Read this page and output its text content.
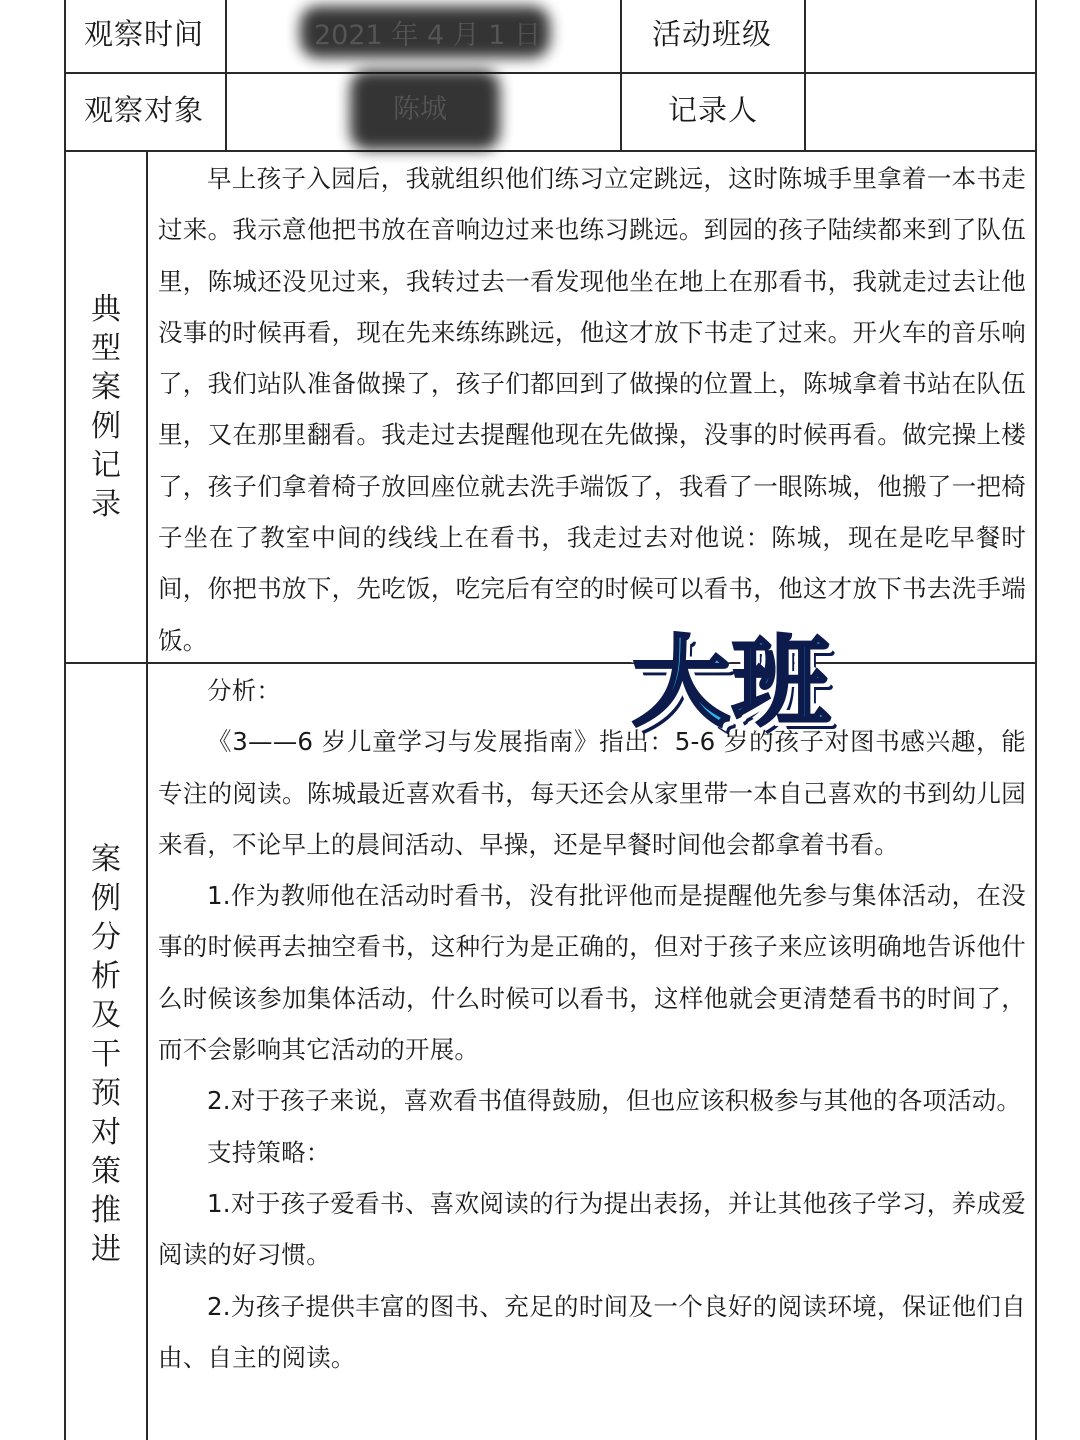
观察时间	2021 年 4 月 1 日	活动班级
观察对象	陈城	记录人
典型案例记录

早上孩子入园后，我就组织他们练习立定跳远，这时陈城手里拿着一本书走过来。我示意他把书放在音响边过来也练习跳远。到园的孩子陆续都来到了队伍里，陈城还没见过来，我转过去一看发现他坐在地上在那看书，我就走过去让他没事的时候再看，现在先来练练跳远，他这才放下书走了过来。开火车的音乐响了，我们站队准备做操了，孩子们都回到了做操的位置上，陈城拿着书站在队伍里，又在那里翻看。我走过去提醒他现在先做操，没事的时候再看。做完操上楼了，孩子们拿着椅子放回座位就去洗手端饭了，我看了一眼陈城，他搬了一把椅子坐在了教室中间的线线上在看书，我走过去对他说：陈城，现在是吃早餐时间，你把书放下，先吃饭，吃完后有空的时候可以看书，他这才放下书去洗手端饭。

案例分析及干预对策推进

分析：

《3——6 岁儿童学习与发展指南》指出：5-6 岁的孩子对图书感兴趣，能专注的阅读。陈城最近喜欢看书，每天还会从家里带一本自己喜欢的书到幼儿园来看，不论早上的晨间活动、早操，还是早餐时间他会都拿着书看。

1.作为教师他在活动时看书，没有批评他而是提醒他先参与集体活动，在没事的时候再去抽空看书，这种行为是正确的，但对于孩子来应该明确地告诉他什么时候该参加集体活动，什么时候可以看书，这样他就会更清楚看书的时间了，而不会影响其它活动的开展。

2.对于孩子来说，喜欢看书值得鼓励，但也应该积极参与其他的各项活动。

支持策略：

1.对于孩子爱看书、喜欢阅读的行为提出表扬，并让其他孩子学习，养成爱阅读的好习惯。

2.为孩子提供丰富的图书、充足的时间及一个良好的阅读环境，保证他们自由、自主的阅读。

大班
